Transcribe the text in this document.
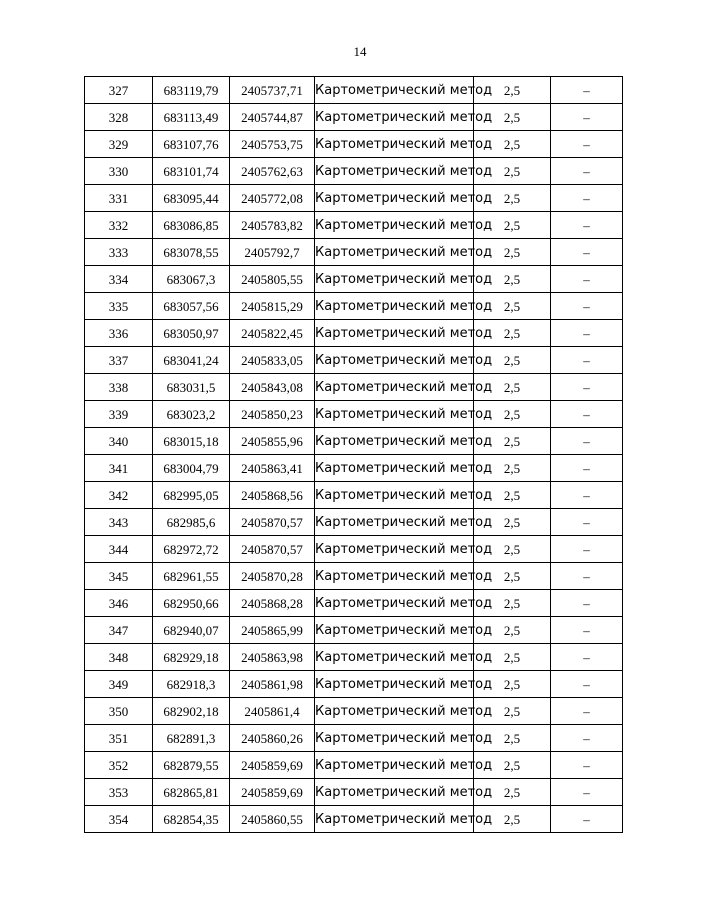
14
327	683119,79	2405737,71	Картометрический метод	2,5	–
328	683113,49	2405744,87	Картометрический метод	2,5	–
329	683107,76	2405753,75	Картометрический метод	2,5	–
330	683101,74	2405762,63	Картометрический метод	2,5	–
331	683095,44	2405772,08	Картометрический метод	2,5	–
332	683086,85	2405783,82	Картометрический метод	2,5	–
333	683078,55	2405792,7	Картометрический метод	2,5	–
334	683067,3	2405805,55	Картометрический метод	2,5	–
335	683057,56	2405815,29	Картометрический метод	2,5	–
336	683050,97	2405822,45	Картометрический метод	2,5	–
337	683041,24	2405833,05	Картометрический метод	2,5	–
338	683031,5	2405843,08	Картометрический метод	2,5	–
339	683023,2	2405850,23	Картометрический метод	2,5	–
340	683015,18	2405855,96	Картометрический метод	2,5	–
341	683004,79	2405863,41	Картометрический метод	2,5	–
342	682995,05	2405868,56	Картометрический метод	2,5	–
343	682985,6	2405870,57	Картометрический метод	2,5	–
344	682972,72	2405870,57	Картометрический метод	2,5	–
345	682961,55	2405870,28	Картометрический метод	2,5	–
346	682950,66	2405868,28	Картометрический метод	2,5	–
347	682940,07	2405865,99	Картометрический метод	2,5	–
348	682929,18	2405863,98	Картометрический метод	2,5	–
349	682918,3	2405861,98	Картометрический метод	2,5	–
350	682902,18	2405861,4	Картометрический метод	2,5	–
351	682891,3	2405860,26	Картометрический метод	2,5	–
352	682879,55	2405859,69	Картометрический метод	2,5	–
353	682865,81	2405859,69	Картометрический метод	2,5	–
354	682854,35	2405860,55	Картометрический метод	2,5	–
